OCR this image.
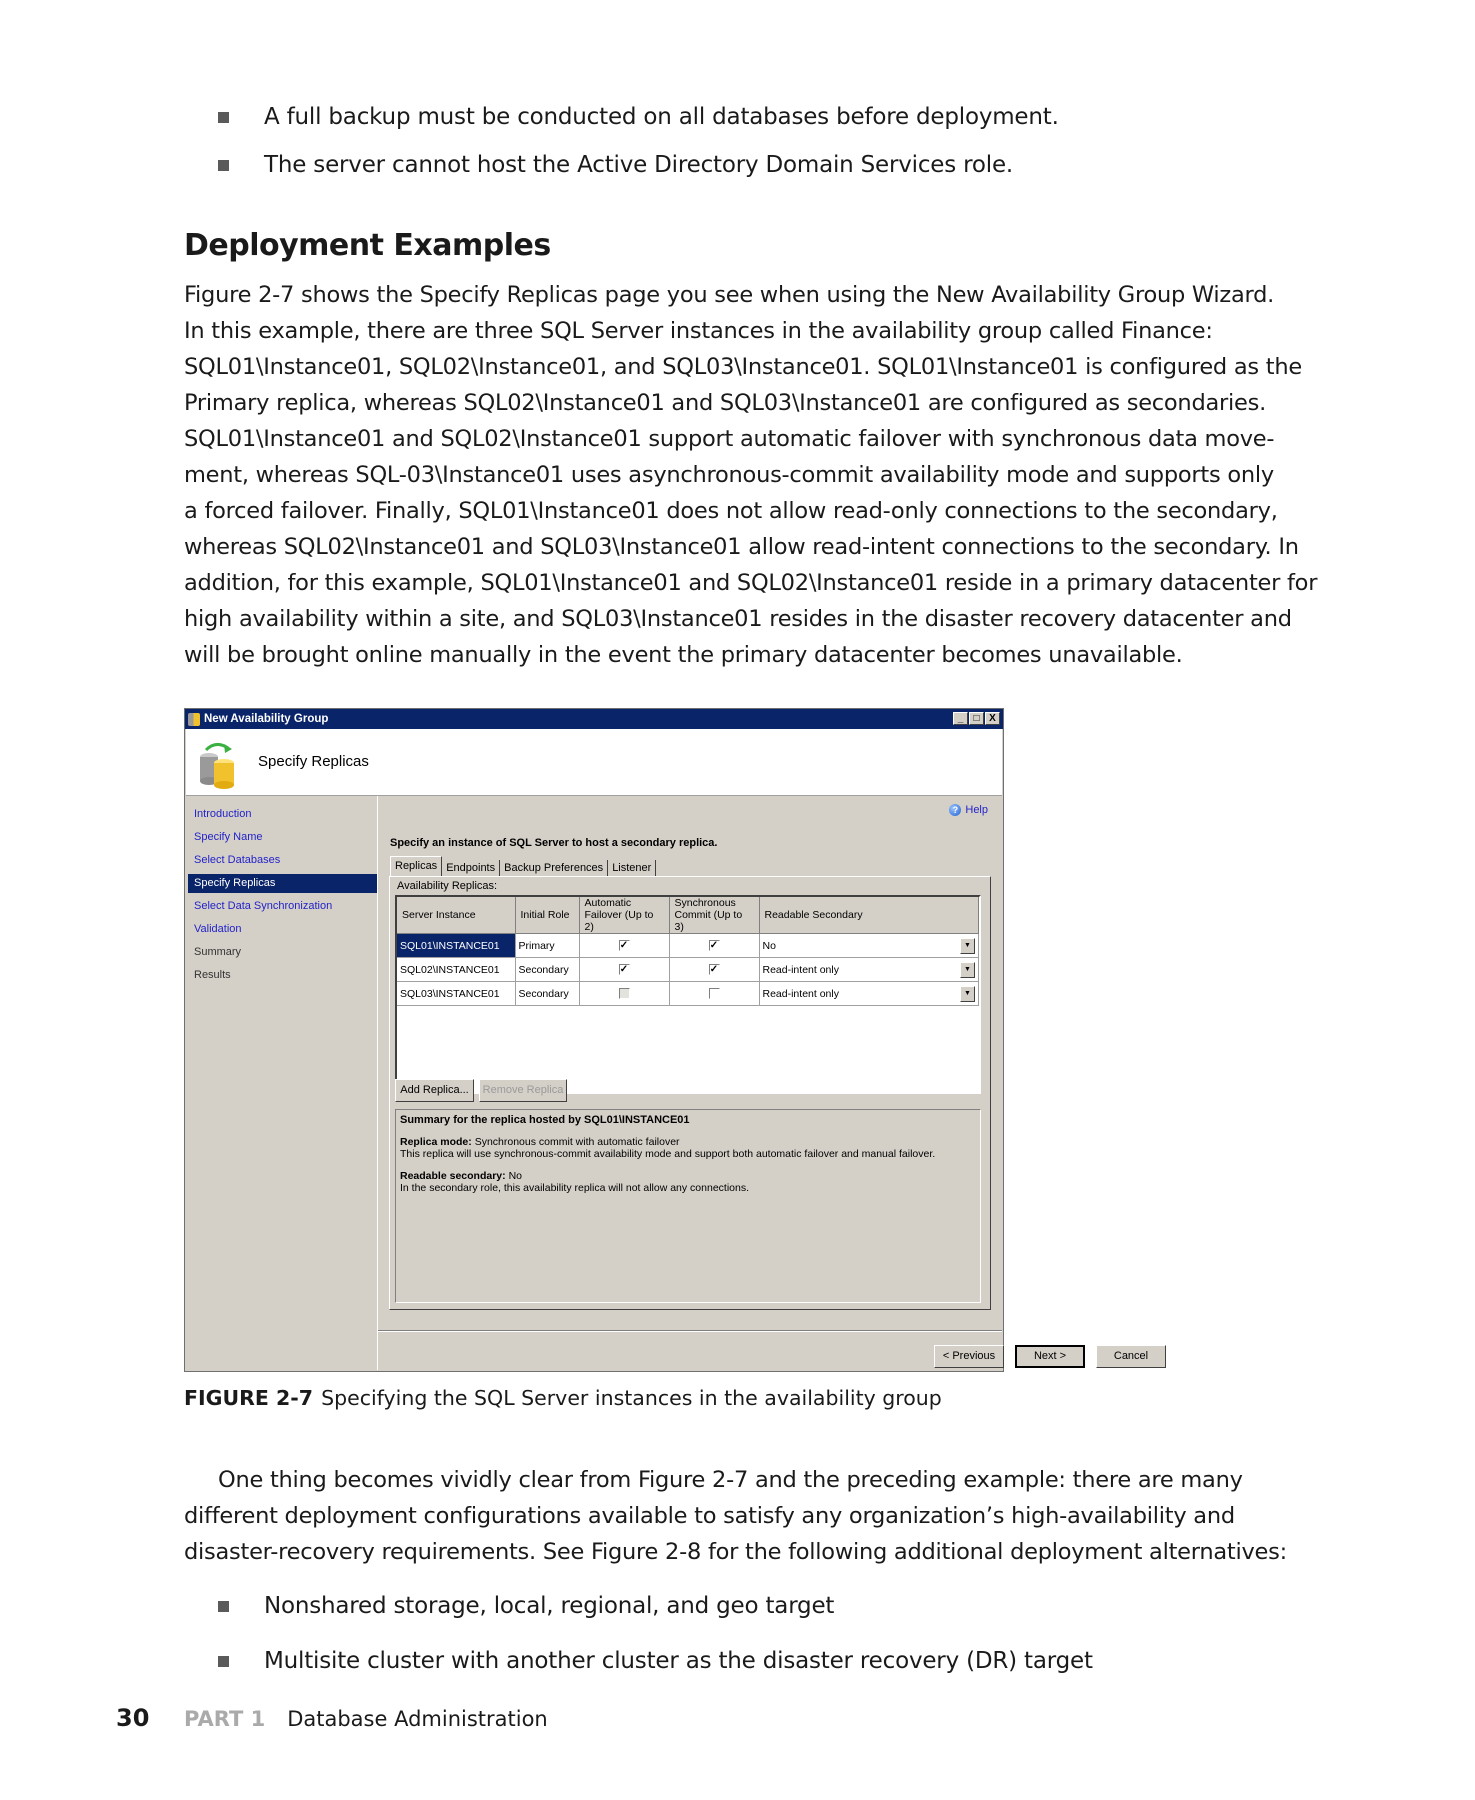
A full backup must be conducted on all databases before deployment.
The server cannot host the Active Directory Domain Services role.
Deployment Examples
Figure 2-7 shows the Specify Replicas page you see when using the New Availability Group Wizard.
In this example, there are three SQL Server instances in the availability group called Finance:
SQL01\Instance01, SQL02\Instance01, and SQL03\Instance01. SQL01\Instance01 is configured as the
Primary replica, whereas SQL02\Instance01 and SQL03\Instance01 are configured as secondaries.
SQL01\Instance01 and SQL02\Instance01 support automatic failover with synchronous data move-
ment, whereas SQL-03\Instance01 uses asynchronous-commit availability mode and supports only
a forced failover. Finally, SQL01\Instance01 does not allow read-only connections to the secondary,
whereas SQL02\Instance01 and SQL03\Instance01 allow read-intent connections to the secondary. In
addition, for this example, SQL01\Instance01 and SQL02\Instance01 reside in a primary datacenter for
high availability within a site, and SQL03\Instance01 resides in the disaster recovery datacenter and
will be brought online manually in the event the primary datacenter becomes unavailable.
New Availability Group	_	□ X
Specify Replicas
Introduction
Specify Name
Select Databases
Specify Replicas
Select Data Synchronization
Validation
Summary
Results
? Help
Specify an instance of SQL Server to host a secondary replica.
Replicas Endpoints Backup Preferences Listener
Availability Replicas:
Server Instance	Initial Role	Automatic Failover (Up to 2)	Synchronous Commit (Up to 3)	Readable Secondary
SQL01\INSTANCE01	Primary	✓	✓	No ▼

SQL02\INSTANCE01	Secondary	✓	✓	Read-intent only ▼

SQL03\INSTANCE01	Secondary			Read-intent only ▼
Add Replica...	Remove Replica
Summary for the replica hosted by SQL01\INSTANCE01
Replica mode: Synchronous commit with automatic failover
This replica will use synchronous-commit availability mode and support both automatic failover and manual failover.
Readable secondary: No
In the secondary role, this availability replica will not allow any connections.
< Previous	Next >	Cancel
FIGURE 2-7 Specifying the SQL Server instances in the availability group
One thing becomes vividly clear from Figure 2-7 and the preceding example: there are many
different deployment configurations available to satisfy any organization’s high-availability and
disaster-recovery requirements. See Figure 2-8 for the following additional deployment alternatives:
Nonshared storage, local, regional, and geo target
Multisite cluster with another cluster as the disaster recovery (DR) target
30	PART 1 Database Administration
